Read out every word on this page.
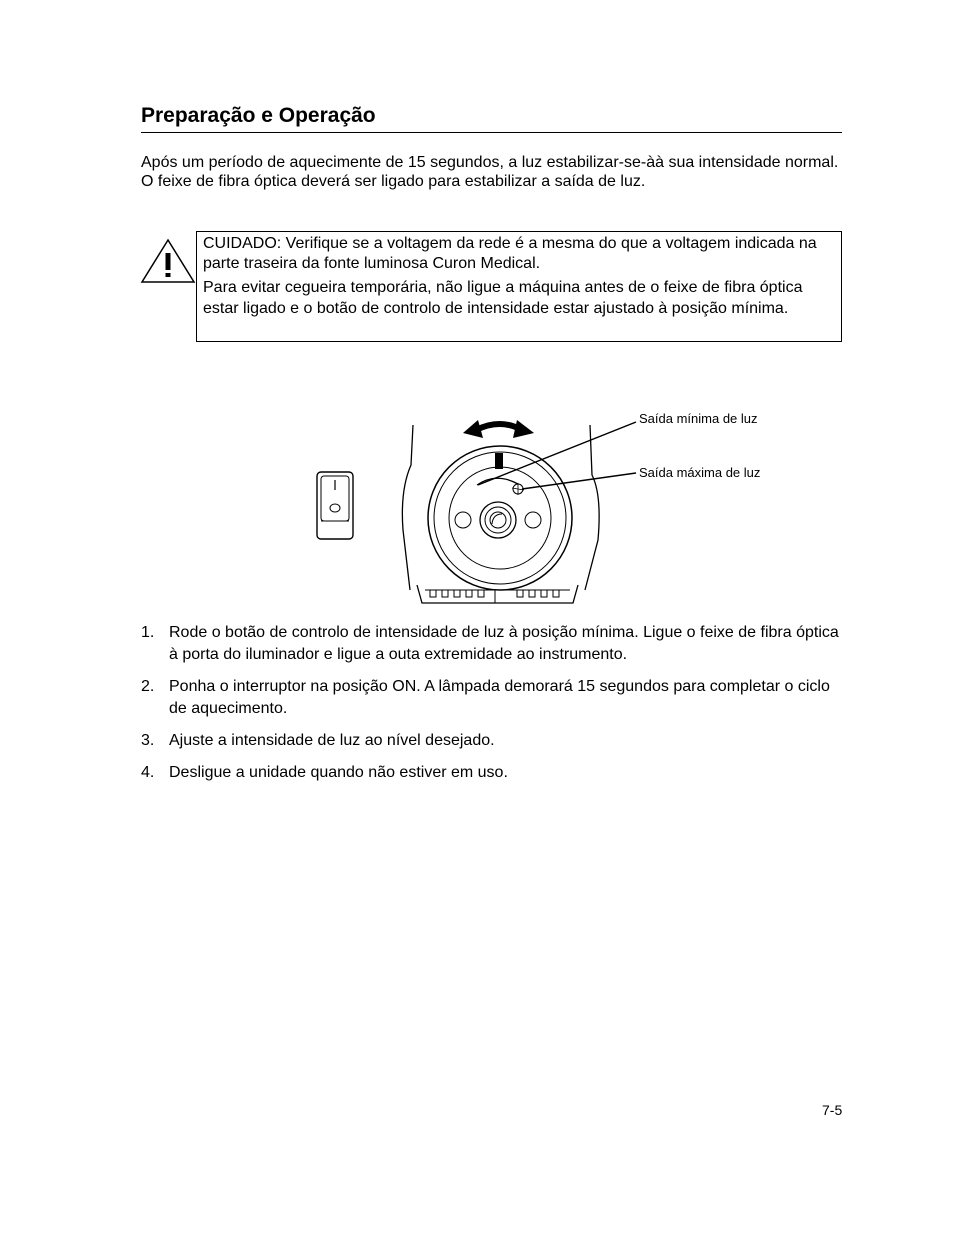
Preparação e Operação

Após um período de aquecimente de 15 segundos, a luz estabilizar-se-àà sua intensidade normal. O feixe de fibra óptica deverá ser ligado para estabilizar a saída de luz.

CUIDADO: Verifique se a voltagem da rede é a mesma do que a voltagem indicada na parte traseira da fonte luminosa Curon Medical.

Para evitar cegueira temporária, não ligue a máquina antes de o feixe de fibra óptica estar ligado e o botão de controlo de intensidade estar ajustado à posição mínima.

Saída mínima de luz
Saída máxima de luz
1. Rode o botão de controlo de intensidade de luz à posição mínima. Ligue o feixe de fibra óptica à porta do iluminador e ligue a outa extremidade ao instrumento.
2. Ponha o interruptor na posição ON. A lâmpada demorará 15 segundos para completar o ciclo de aquecimento.
3. Ajuste a intensidade de luz ao nível desejado.
4. Desligue a unidade quando não estiver em uso.
7-5
